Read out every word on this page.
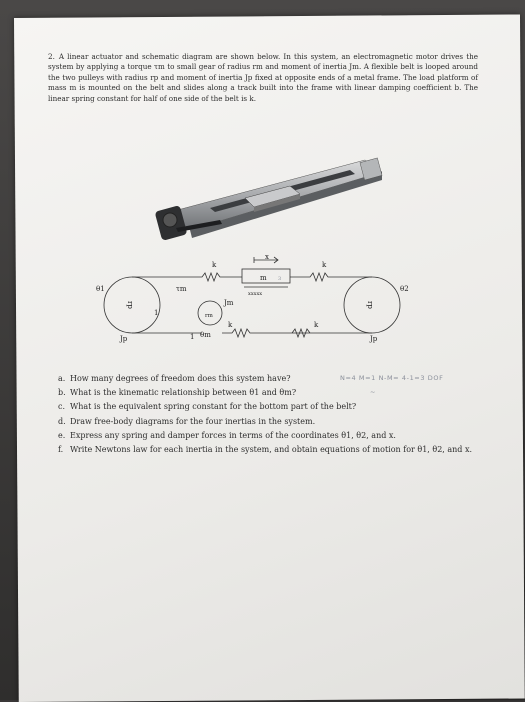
2. A linear actuator and schematic diagram are shown below. In this system, an electromagnetic motor drives the system by applying a torque τm to small gear of radius rm and moment of inertia Jm. A flexible belt is looped around the two pulleys with radius rp and moment of inertia Jp fixed at opposite ends of a metal frame. The load platform of mass m is mounted on the belt and slides along a track built into the frame with linear damping coefficient b. The linear spring constant for half of one side of the belt is k.
k	k
k	k
x
m 3
xxxxx
θ1	θ2
θm
τm
Jm
Jp	Jp
rp	rp
rm
1
1
a. How many degrees of freedom does this system have?
b. What is the kinematic relationship between θ1 and θm?
c. What is the equivalent spring constant for the bottom part of the belt?
d. Draw free-body diagrams for the four inertias in the system.
e. Express any spring and damper forces in terms of the coordinates θ1, θ2, and x.
f. Write Newtons law for each inertia in the system, and obtain equations of motion for θ1, θ2, and x.
N=4 M=1 N-M= 4-1=3 DOF
~
